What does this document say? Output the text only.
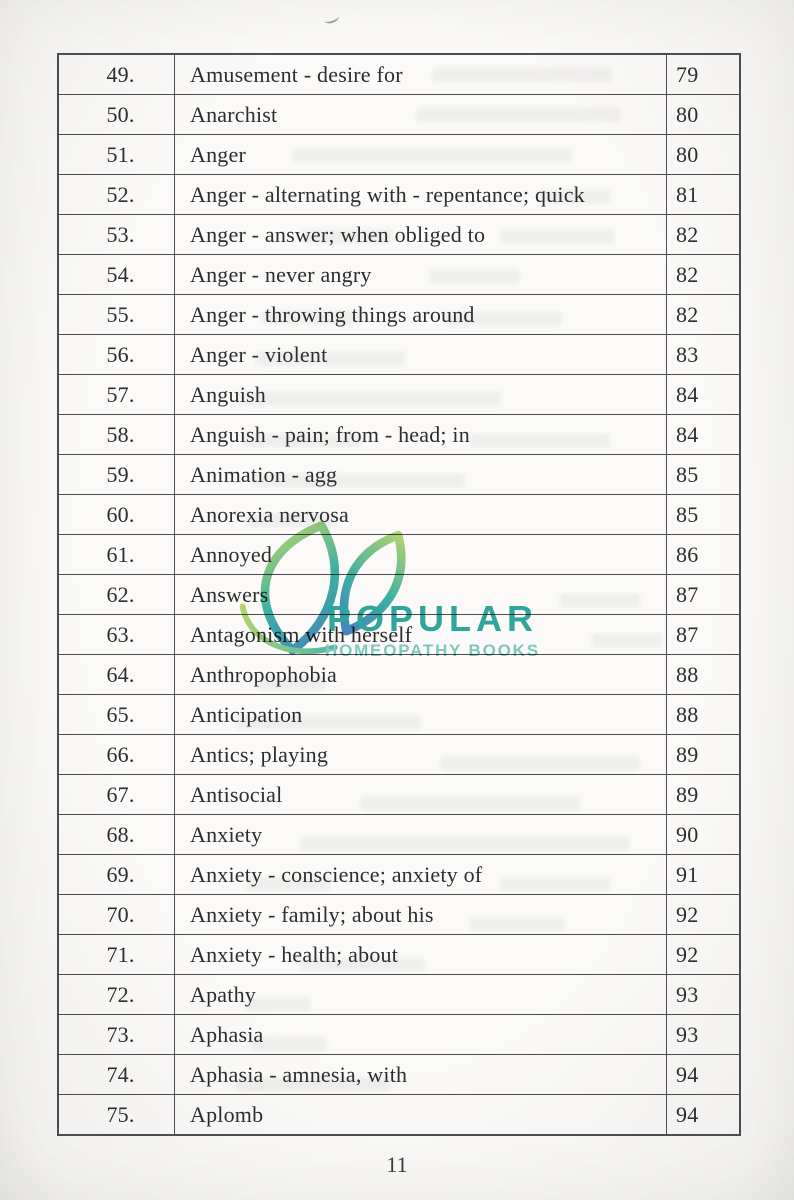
49.	Amusement - desire for	79
50.	Anarchist	80
51.	Anger	80
52.	Anger - alternating with - repentance; quick	81
53.	Anger - answer; when obliged to	82
54.	Anger - never angry	82
55.	Anger - throwing things around	82
56.	Anger - violent	83
57.	Anguish	84
58.	Anguish - pain; from - head; in	84
59.	Animation - agg	85
60.	Anorexia nervosa	85
61.	Annoyed	86
62.	Answers	87
63.	Antagonism with herself	87
64.	Anthropophobia	88
65.	Anticipation	88
66.	Antics; playing	89
67.	Antisocial	89
68.	Anxiety	90
69.	Anxiety - conscience; anxiety of	91
70.	Anxiety - family; about his	92
71.	Anxiety - health; about	92
72.	Apathy	93
73.	Aphasia	93
74.	Aphasia - amnesia, with	94
75.	Aplomb	94
POPULAR
HOMEOPATHY BOOKS
11
